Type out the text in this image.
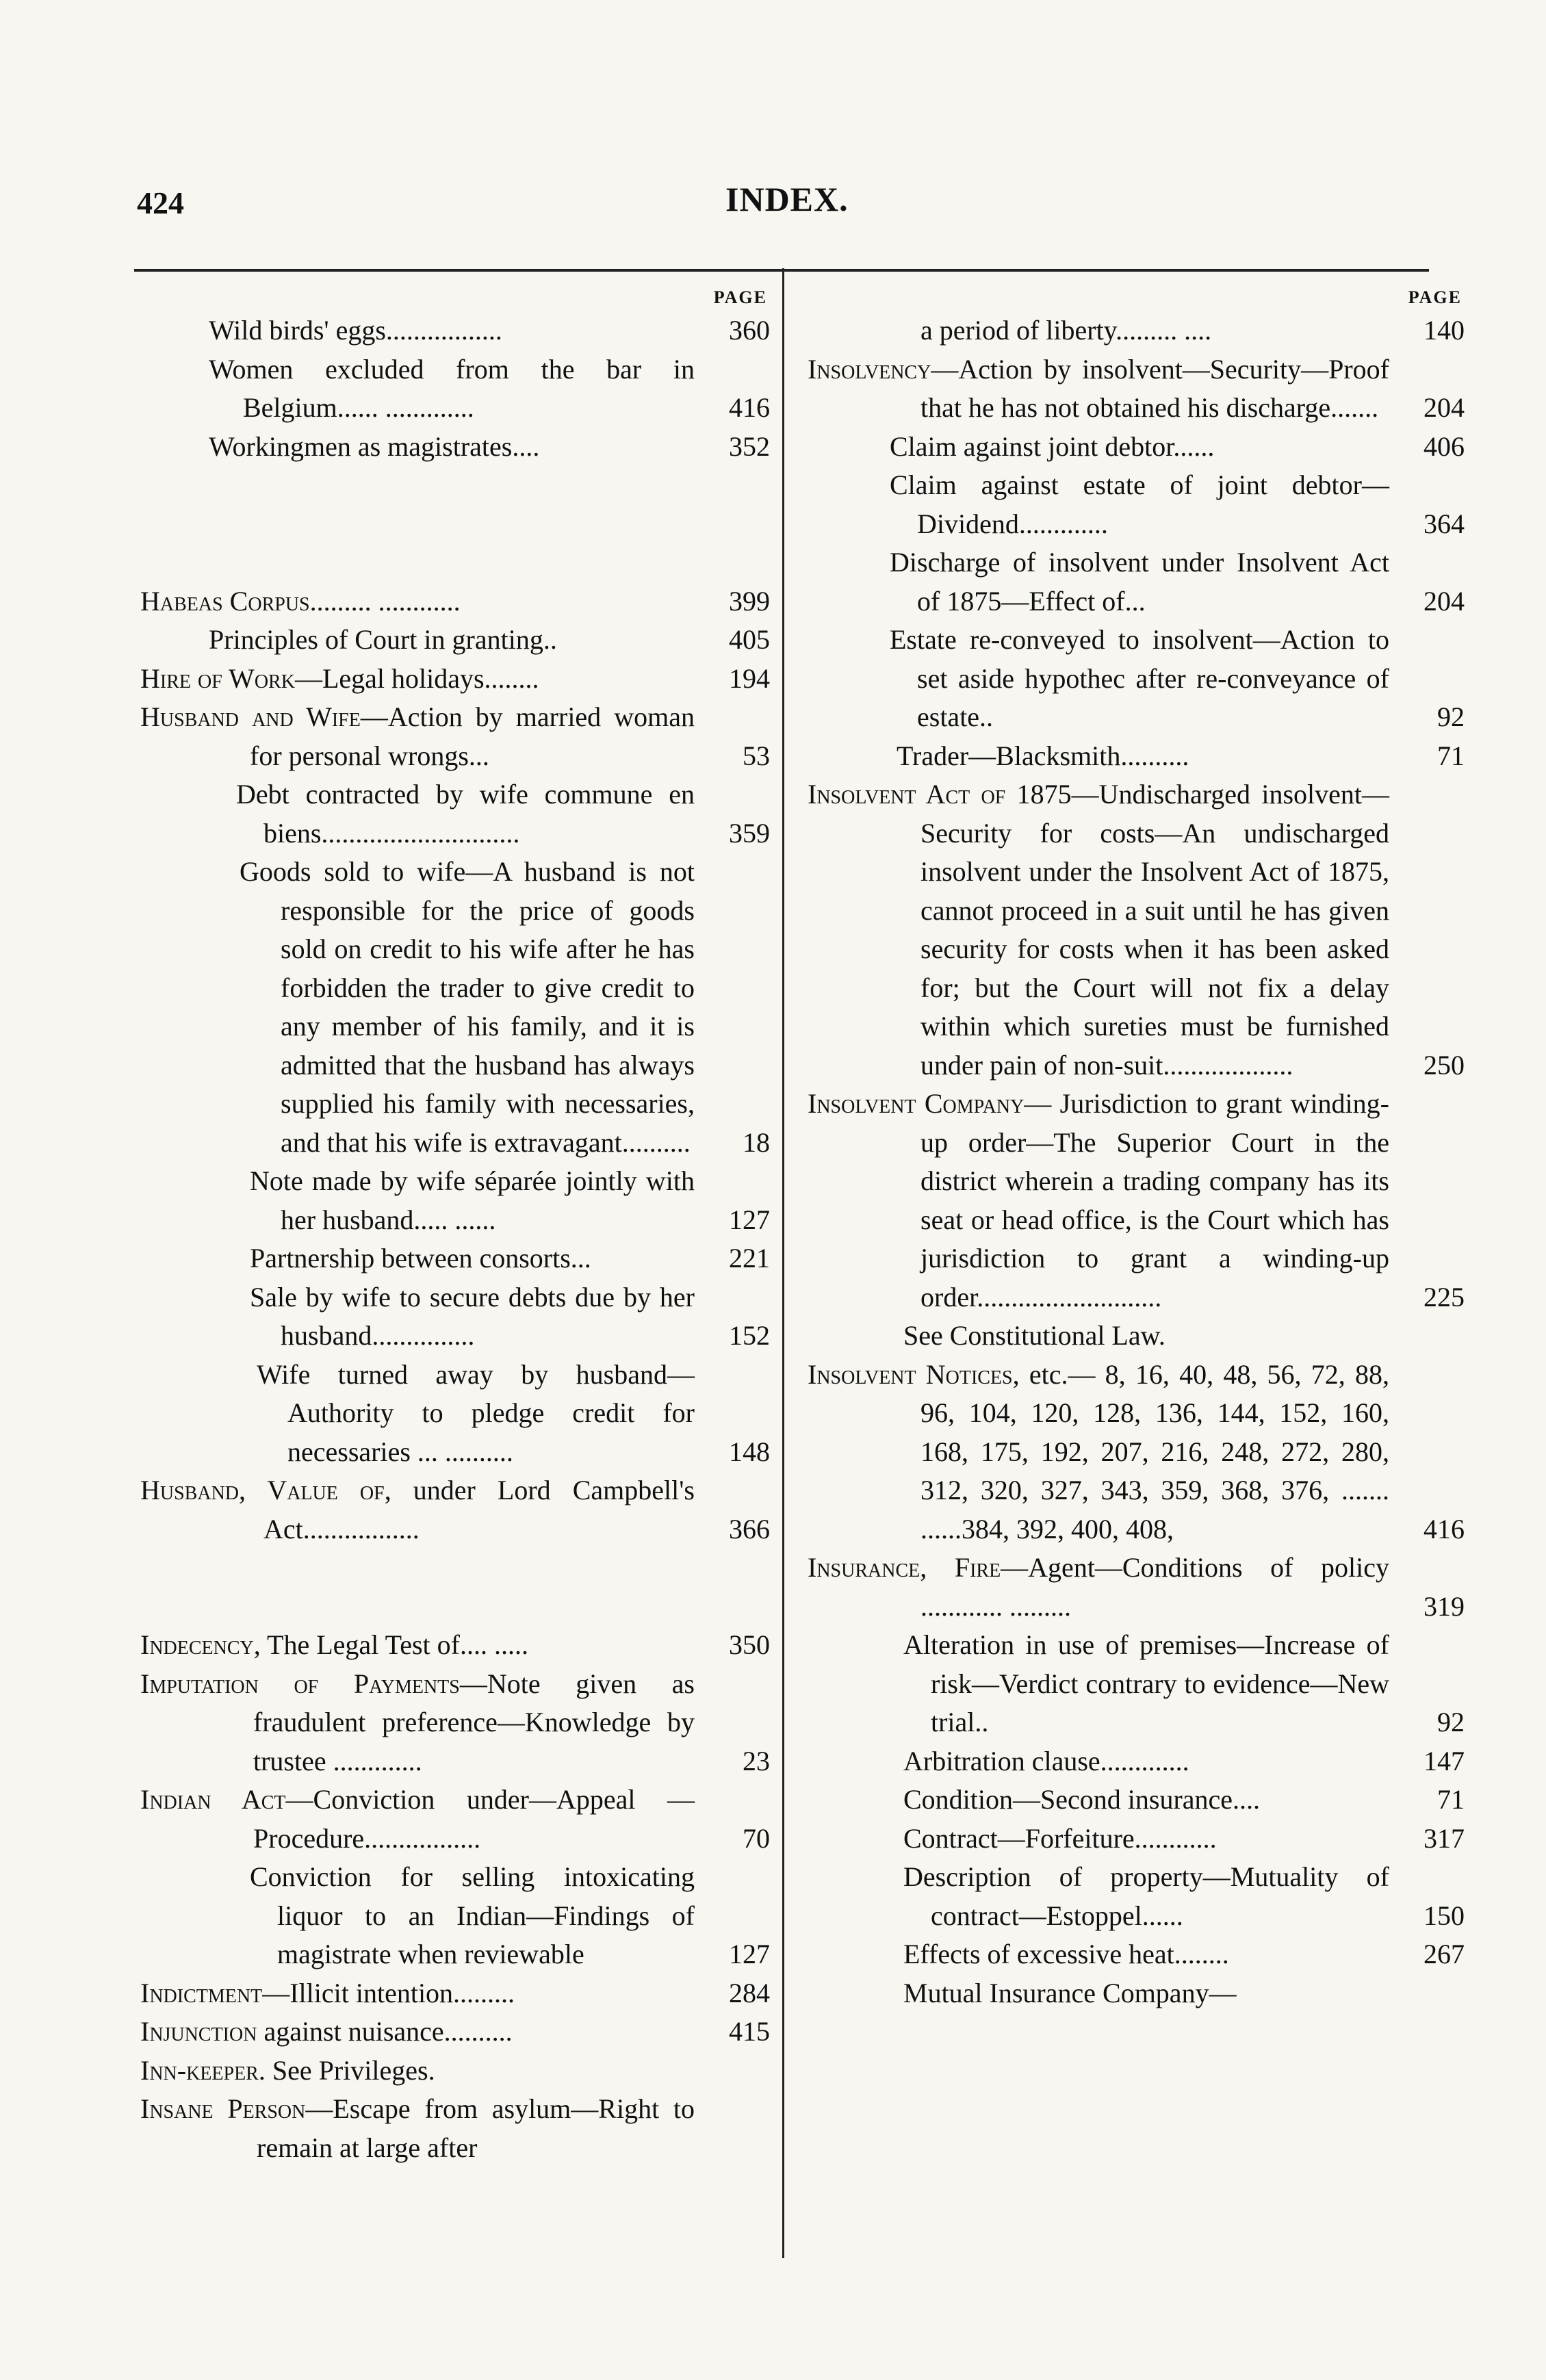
424	INDEX.
PAGE
Wild birds' eggs.................	360
Women excluded from the bar in Belgium...... .............	416
Workingmen as magistrates....	352
Habeas Corpus......... ............	399
Principles of Court in granting..	405
Hire of Work—Legal holidays........	194
Husband and Wife—Action by married woman for personal wrongs...	53
Debt contracted by wife commune en biens.............................	359
Goods sold to wife—A husband is not responsible for the price of goods sold on credit to his wife after he has forbidden the trader to give credit to any member of his family, and it is admitted that the husband has always supplied his family with necessaries, and that his wife is extravagant..........	18
Note made by wife séparée jointly with her husband..... ......	127
Partnership between consorts...	221
Sale by wife to secure debts due by her husband...............	152
Wife turned away by husband—Authority to pledge credit for necessaries ... ..........	148
Husband, Value of, under Lord Campbell's Act.................	366
Indecency, The Legal Test of.... .....	350
Imputation of Payments—Note given as fraudulent preference—Knowledge by trustee .............	23
Indian Act—Conviction under—Appeal —Procedure.................	70
Conviction for selling intoxicating liquor to an Indian—Findings of magistrate when reviewable	127
Indictment—Illicit intention.........	284
Injunction against nuisance..........	415
Inn-keeper. See Privileges.
Insane Person—Escape from asylum—Right to remain at large after
PAGE
a period of liberty......... ....	140
Insolvency—Action by insolvent—Security—Proof that he has not obtained his discharge.......	204
Claim against joint debtor......	406
Claim against estate of joint debtor—Dividend.............	364
Discharge of insolvent under Insolvent Act of 1875—Effect of...	204
Estate re-conveyed to insolvent—Action to set aside hypothec after re-conveyance of estate..	92
Trader—Blacksmith..........	71
Insolvent Act of 1875—Undischarged insolvent—Security for costs—An undischarged insolvent under the Insolvent Act of 1875, cannot proceed in a suit until he has given security for costs when it has been asked for; but the Court will not fix a delay within which sureties must be furnished under pain of non-suit...................	250
Insolvent Company— Jurisdiction to grant winding-up order—The Superior Court in the district wherein a trading company has its seat or head office, is the Court which has jurisdiction to grant a winding-up order...........................	225
See Constitutional Law.
Insolvent Notices, etc.— 8, 16, 40, 48, 56, 72, 88, 96, 104, 120, 128, 136, 144, 152, 160, 168, 175, 192, 207, 216, 248, 272, 280, 312, 320, 327, 343, 359, 368, 376, ....... ......384, 392, 400, 408,	416
Insurance, Fire—Agent—Conditions of policy ............ .........	319
Alteration in use of premises—Increase of risk—Verdict contrary to evidence—New trial..	92
Arbitration clause.............	147
Condition—Second insurance....	71
Contract—Forfeiture............	317
Description of property—Mutuality of contract—Estoppel......	150
Effects of excessive heat........	267
Mutual Insurance Company—
